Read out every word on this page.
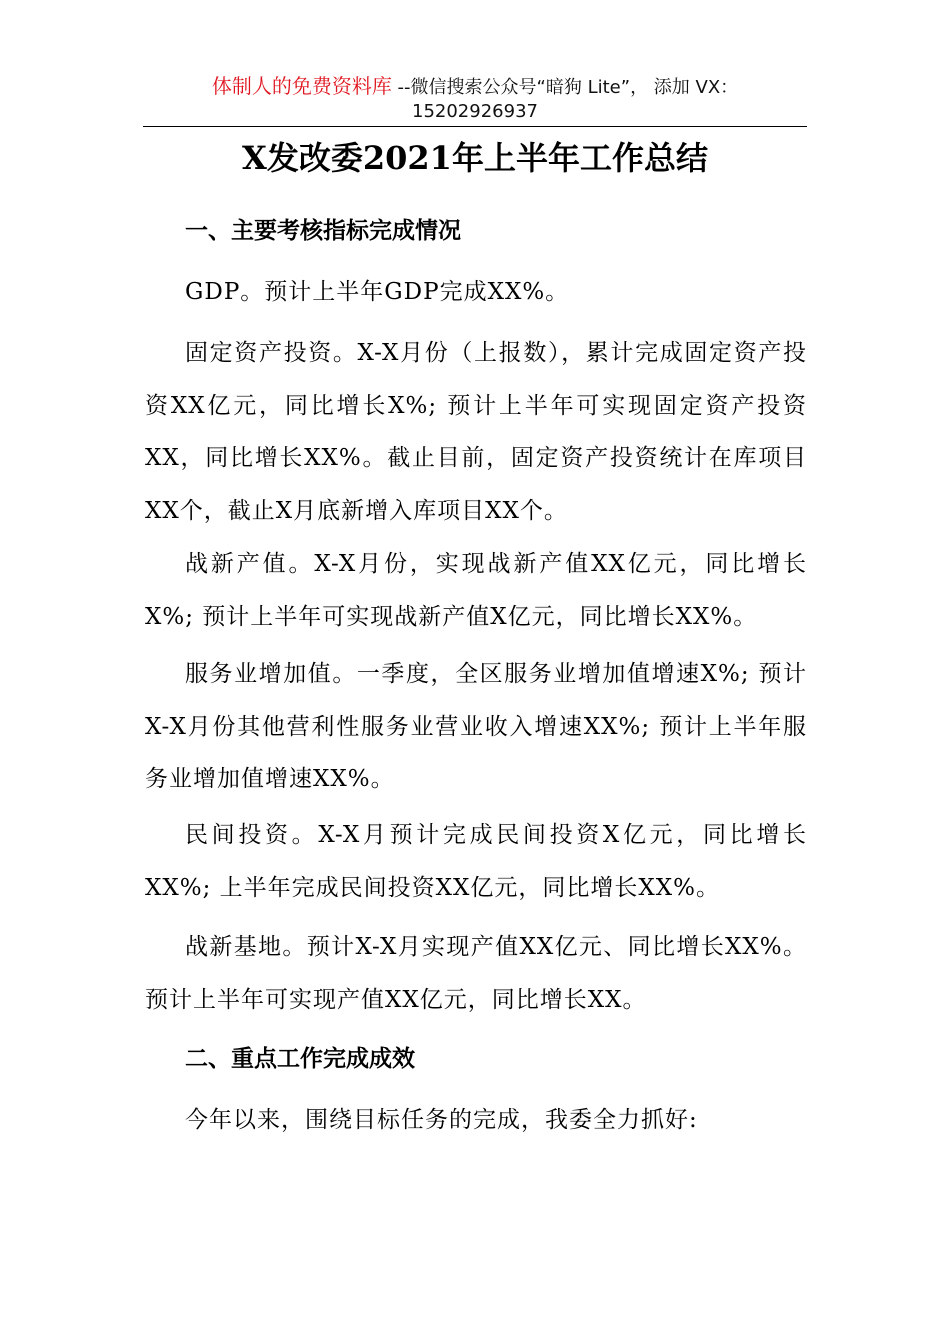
体制人的免费资料库 --微信搜索公众号“暗狗 Lite”， 添加 VX：
15202926937
X发改委2021年上半年工作总结
一、主要考核指标完成情况
GDP。预计上半年GDP完成XX%。
固定资产投资。X-X月份（上报数），累计完成固定资产投资XX亿元，同比增长X%; 预计上半年可实现固定资产投资XX，同比增长XX%。截止目前，固定资产投资统计在库项目XX个，截止X月底新增入库项目XX个。
战新产值。X-X月份，实现战新产值XX亿元，同比增长X%; 预计上半年可实现战新产值X亿元，同比增长XX%。
服务业增加值。一季度，全区服务业增加值增速X%; 预计X-X月份其他营利性服务业营业收入增速XX%; 预计上半年服务业增加值增速XX%。
民间投资。X-X月预计完成民间投资X亿元，同比增长XX%; 上半年完成民间投资XX亿元，同比增长XX%。
战新基地。预计X-X月实现产值XX亿元、同比增长XX%。预计上半年可实现产值XX亿元，同比增长XX。
二、重点工作完成成效
今年以来，围绕目标任务的完成，我委全力抓好:
